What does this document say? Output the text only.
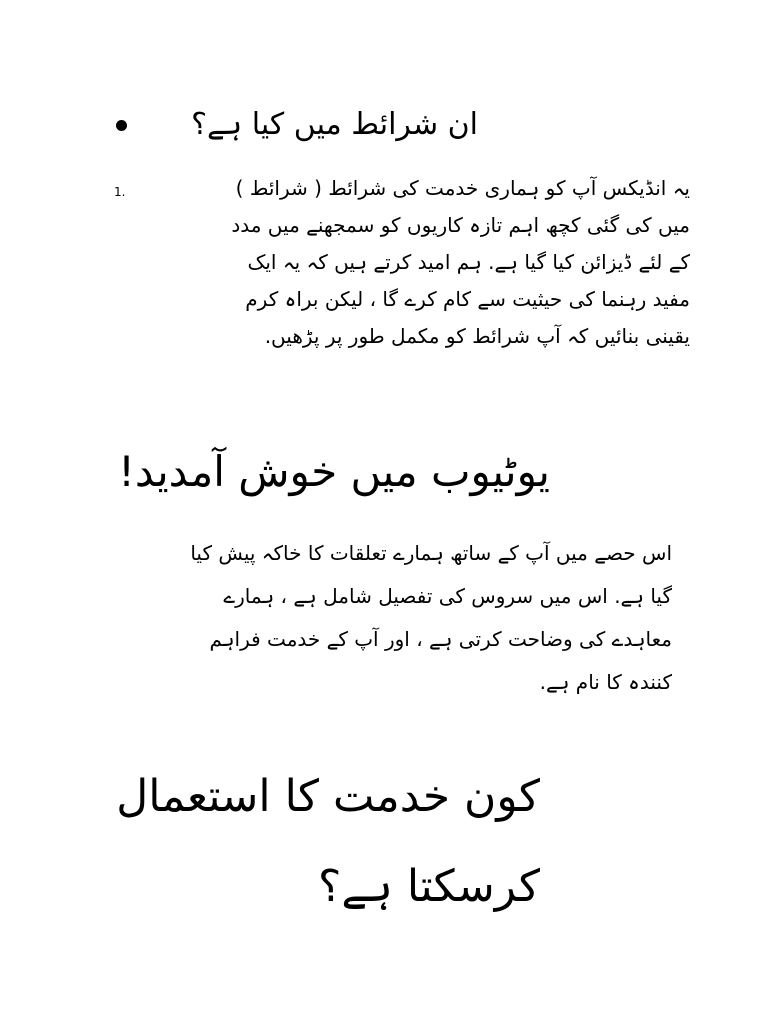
ان شرائط میں کیا ہے؟
1.	یہ انڈیکس آپ کو ہماری خدمت کی شرائط ( شرائط )
میں کی گئی کچھ اہم تازہ کاریوں کو سمجھنے میں مدد
کے لئے ڈیزائن کیا گیا ہے. ہم امید کرتے ہیں کہ یہ ایک
مفید رہنما کی حیثیت سے کام کرے گا ، لیکن براہ کرم
یقینی بنائیں کہ آپ شرائط کو مکمل طور پر پڑھیں.
یوٹیوب میں خوش آمدید!
اس حصے میں آپ کے ساتھ ہمارے تعلقات کا خاکہ پیش کیا
گیا ہے. اس میں سروس کی تفصیل شامل ہے ، ہمارے
معاہدے کی وضاحت کرتی ہے ، اور آپ کے خدمت فراہم
کنندہ کا نام ہے.
کون خدمت کا استعمال
کرسکتا ہے؟
